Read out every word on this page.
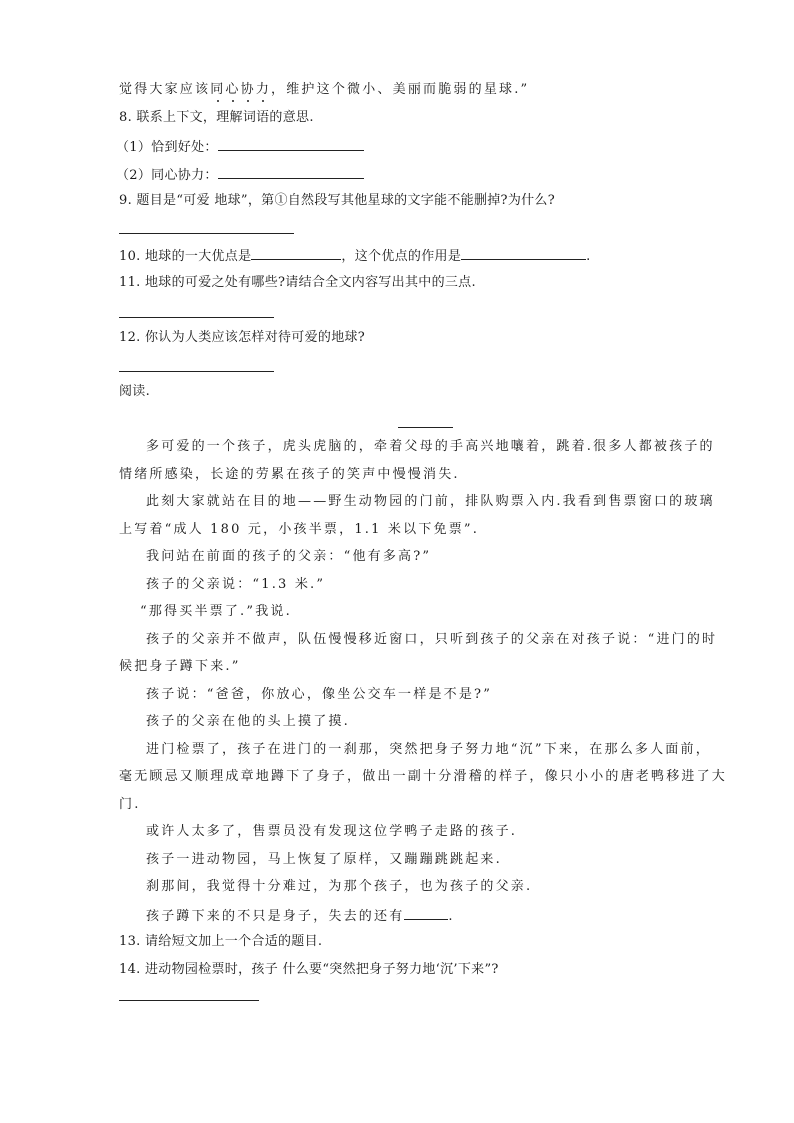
觉得大家应该同心协力，维护这个微小、美丽而脆弱的星球.”
8. 联系上下文，理解词语的意思.
（1）恰到好处：
（2）同心协力：
9. 题目是“可爱 地球”，第①自然段写其他星球的文字能不能删掉?为什么?
10. 地球的一大优点是	，这个优点的作用是	.
11. 地球的可爱之处有哪些?请结合全文内容写出其中的三点.
12. 你认为人类应该怎样对待可爱的地球?
阅读.
多可爱的一个孩子，虎头虎脑的，牵着父母的手高兴地嚷着，跳着.很多人都被孩子的
情绪所感染，长途的劳累在孩子的笑声中慢慢消失.
此刻大家就站在目的地——野生动物园的门前，排队购票入内.我看到售票窗口的玻璃
上写着“成人 180 元，小孩半票，1.1 米以下免票”.
我问站在前面的孩子的父亲：“他有多高?”
孩子的父亲说：“1.3 米.”
“那得买半票了.”我说.
孩子的父亲并不做声，队伍慢慢移近窗口，只听到孩子的父亲在对孩子说：“进门的时
候把身子蹲下来.”
孩子说：“爸爸，你放心，像坐公交车一样是不是?”
孩子的父亲在他的头上摸了摸.
进门检票了，孩子在进门的一刹那，突然把身子努力地“沉”下来，在那么多人面前，
毫无顾忌又顺理成章地蹲下了身子，做出一副十分滑稽的样子，像只小小的唐老鸭移进了大
门.
或许人太多了，售票员没有发现这位学鸭子走路的孩子.
孩子一进动物园，马上恢复了原样，又蹦蹦跳跳起来.
刹那间，我觉得十分难过，为那个孩子，也为孩子的父亲.
孩子蹲下来的不只是身子，失去的还有	.
13. 请给短文加上一个合适的题目.
14. 进动物园检票时，孩子 什么要“突然把身子努力地‘沉’下来”?
